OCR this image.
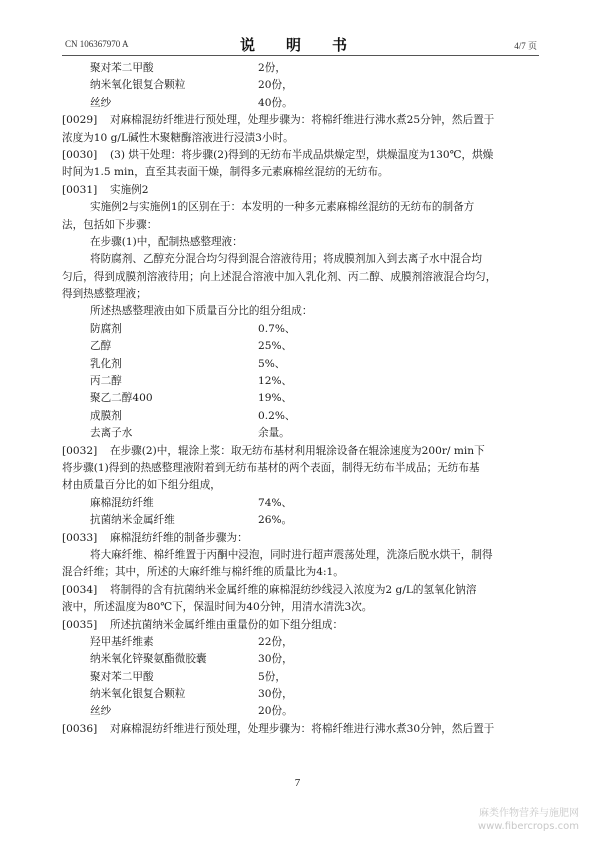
CN 106367970 A	说　明　书	4/7 页
聚对苯二甲酸	2份，
纳米氧化银复合颗粒	20份，
丝纱	40份。
[0029] 对麻棉混纺纤维进行预处理，处理步骤为：将棉纤维进行沸水煮25分钟，然后置于
浓度为10 g/L碱性木聚糖酶溶液进行浸渍3小时。
[0030] (3) 烘干处理：将步骤(2)得到的无纺布半成品烘燥定型，烘燥温度为130℃，烘燥
时间为1.5 min，直至其表面干燥，制得多元素麻棉丝混纺的无纺布。
[0031] 实施例2
实施例2与实施例1的区别在于：本发明的一种多元素麻棉丝混纺的无纺布的制备方
法，包括如下步骤：
在步骤(1)中，配制热感整理液：
将防腐剂、乙醇充分混合均匀得到混合溶液待用；将成膜剂加入到去离子水中混合均
匀后，得到成膜剂溶液待用；向上述混合溶液中加入乳化剂、丙二醇、成膜剂溶液混合均匀，
得到热感整理液；
所述热感整理液由如下质量百分比的组分组成：
防腐剂	0.7%、
乙醇	25%、
乳化剂	5%、
丙二醇	12%、
聚乙二醇400	19%、
成膜剂	0.2%、
去离子水	余量。
[0032] 在步骤(2)中，辊涂上浆：取无纺布基材利用辊涂设备在辊涂速度为200r/ min下
将步骤(1)得到的热感整理液附着到无纺布基材的两个表面，制得无纺布半成品；无纺布基
材由质量百分比的如下组分组成，
麻棉混纺纤维	74%、
抗菌纳米金属纤维	26%。
[0033] 麻棉混纺纤维的制备步骤为：
将大麻纤维、棉纤维置于丙酮中浸泡，同时进行超声震荡处理，洗涤后脱水烘干，制得
混合纤维；其中，所述的大麻纤维与棉纤维的质量比为4:1。
[0034] 将制得的含有抗菌纳米金属纤维的麻棉混纺纱线浸入浓度为2 g/L的氢氧化钠溶
液中，所述温度为80℃下，保温时间为40分钟，用清水清洗3次。
[0035] 所述抗菌纳米金属纤维由重量份的如下组分组成：
羟甲基纤维素	22份，
纳米氧化锌聚氨酯微胶囊	30份，
聚对苯二甲酸	5份，
纳米氧化银复合颗粒	30份，
丝纱	20份。
[0036] 对麻棉混纺纤维进行预处理，处理步骤为：将棉纤维进行沸水煮30分钟，然后置于
7
麻类作物营养与施肥网
www.fibercrops.com
